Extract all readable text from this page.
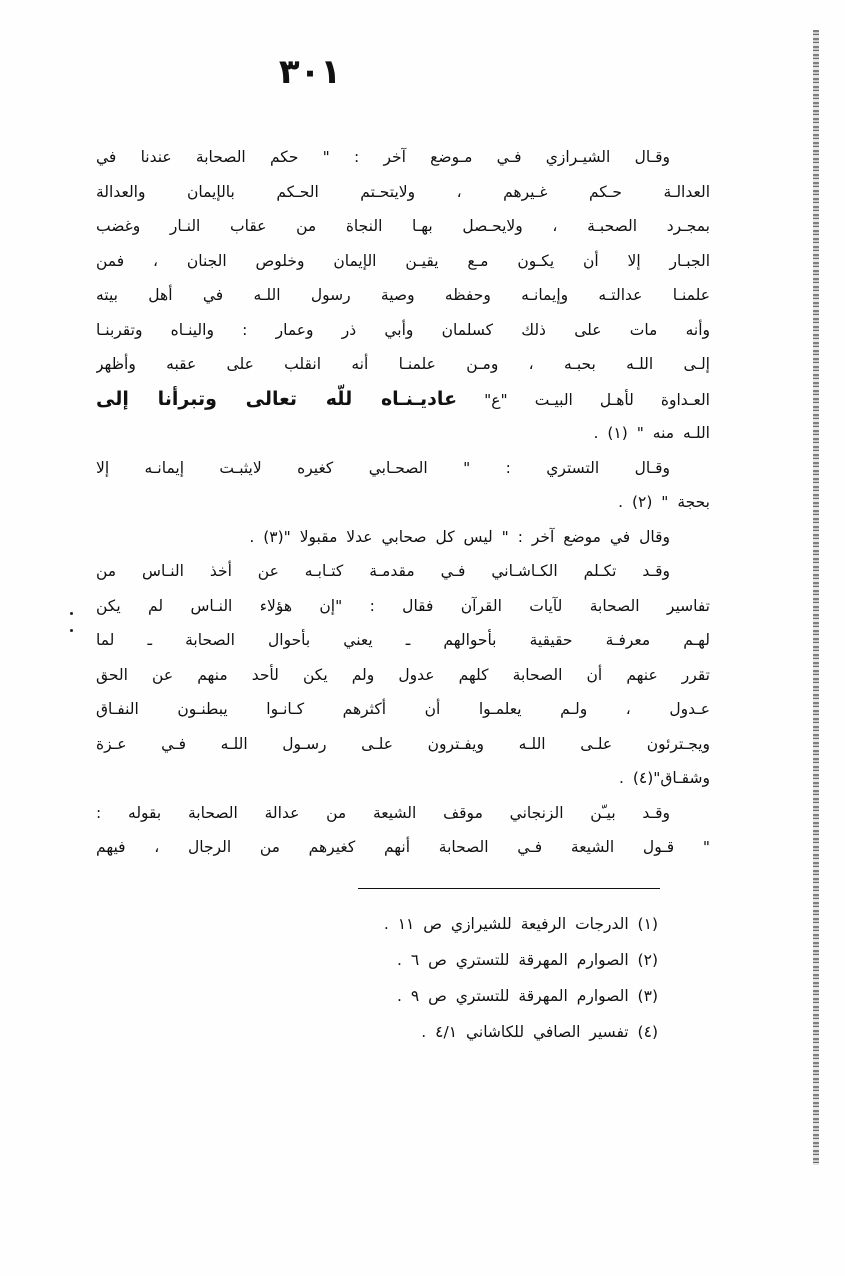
٣٠١
وقـال الشيـرازي فـي مـوضع آخر : " حكم الصحابة عندنا في
العدالـة حـكم غـيرهم ، ولايتحـتم الحـكم بالإيمان والعدالة
بمجـرد الصحبـة ، ولايحـصل بهـا النجاة من عقاب النـار وغضب
الجبـار إلا أن يكـون مـع يقيـن الإيمان وخلوص الجنان ، فمن
علمنـا عدالتـه وإيمانـه وحفظه وصية رسول اللـه في أهل بيته
وأنه مات على ذلك كسلمان وأبي ذر وعمار : والينـاه وتقربنـا
إلـى اللـه بحبـه ، ومـن علمنـا أنه انقلب على عقبه وأظهر
العـداوة لأهـل البيـت "ع" عاديـنـاه للّه تعالى وتبرأنا إلى
اللـه منه " (١) .
وقـال التستري : " الصحـابي كغيره لايثبـت إيمانـه إلا
بحجة " (٢) .
وقال في موضع آخر : " ليس كل صحابي عدلا مقبولا "(٣) .
وقـد تكـلم الكـاشـاني فـي مقدمـة كتـابـه عن أخذ النـاس من
تفاسير الصحابة لآيات القرآن فقال : "إن هؤلاء النـاس لم يكن
لهـم معرفـة حقيقية بأحوالهم ـ يعني بأحوال الصحابة ـ لما
تقرر عنهم أن الصحابة كلهم عدول ولم يكن لأحد منهم عن الحق
عـدول ، ولـم يعلمـوا أن أكثرهم كـانـوا يبطنـون النفـاق
ويجـترئون علـى اللـه ويفـترون علـى رسـول اللـه فـي عـزة
وشقـاق"(٤) .
وقـد بيـّن الزنجاني موقف الشيعة من عدالة الصحابة بقوله :
" قـول الشيعة فـي الصحابة أنهم كغيرهم من الرجال ، فيهم
(١) الدرجات الرفيعة للشيرازي ص ١١ .
(٢) الصوارم المهرقة للتستري ص ٦ .
(٣) الصوارم المهرقة للتستري ص ٩ .
(٤) تفسير الصافي للكاشاني ٤/١ .
